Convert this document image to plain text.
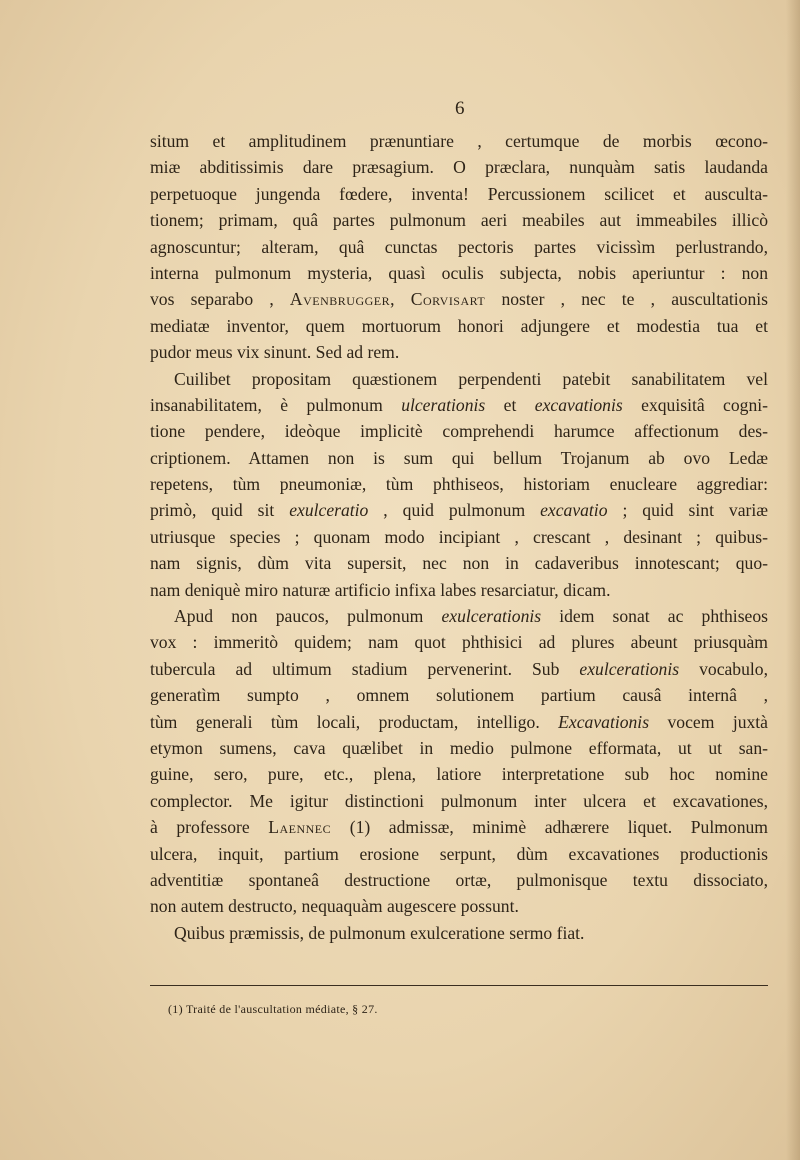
6
situm et amplitudinem prænuntiare , certumque de morbis œcono-
miæ abditissimis dare præsagium. O præclara, nunquàm satis laudanda
perpetuoque jungenda fœdere, inventa! Percussionem scilicet et ausculta-
tionem; primam, quâ partes pulmonum aeri meabiles aut immeabiles illicò
agnoscuntur; alteram, quâ cunctas pectoris partes vicissìm perlustrando,
interna pulmonum mysteria, quasì oculis subjecta, nobis aperiuntur : non
vos separabo , Avenbrugger, Corvisart noster , nec te , auscultationis
mediatæ inventor, quem mortuorum honori adjungere et modestia tua et
pudor meus vix sinunt. Sed ad rem.
Cuilibet propositam quæstionem perpendenti patebit sanabilitatem vel
insanabilitatem, è pulmonum ulcerationis et excavationis exquisitâ cogni-
tione pendere, ideòque implicitè comprehendi harumce affectionum des-
criptionem. Attamen non is sum qui bellum Trojanum ab ovo Ledæ
repetens, tùm pneumoniæ, tùm phthiseos, historiam enucleare aggrediar:
primò, quid sit exulceratio , quid pulmonum excavatio ; quid sint variæ
utriusque species ; quonam modo incipiant , crescant , desinant ; quibus-
nam signis, dùm vita supersit, nec non in cadaveribus innotescant; quo-
nam deniquè miro naturæ artificio infixa labes resarciatur, dicam.
Apud non paucos, pulmonum exulcerationis idem sonat ac phthiseos
vox : immeritò quidem; nam quot phthisici ad plures abeunt priusquàm
tubercula ad ultimum stadium pervenerint. Sub exulcerationis vocabulo,
generatìm sumpto , omnem solutionem partium causâ internâ ,
tùm generali tùm locali, productam, intelligo. Excavationis vocem juxtà
etymon sumens, cava quælibet in medio pulmone efformata, ut ut san-
guine, sero, pure, etc., plena, latiore interpretatione sub hoc nomine
complector. Me igitur distinctioni pulmonum inter ulcera et excavationes,
à professore Laennec (1) admissæ, minimè adhærere liquet. Pulmonum
ulcera, inquit, partium erosione serpunt, dùm excavationes productionis
adventitiæ spontaneâ destructione ortæ, pulmonisque textu dissociato,
non autem destructo, nequaquàm augescere possunt.
Quibus præmissis, de pulmonum exulceratione sermo fiat.
(1) Traité de l'auscultation médiate, § 27.
